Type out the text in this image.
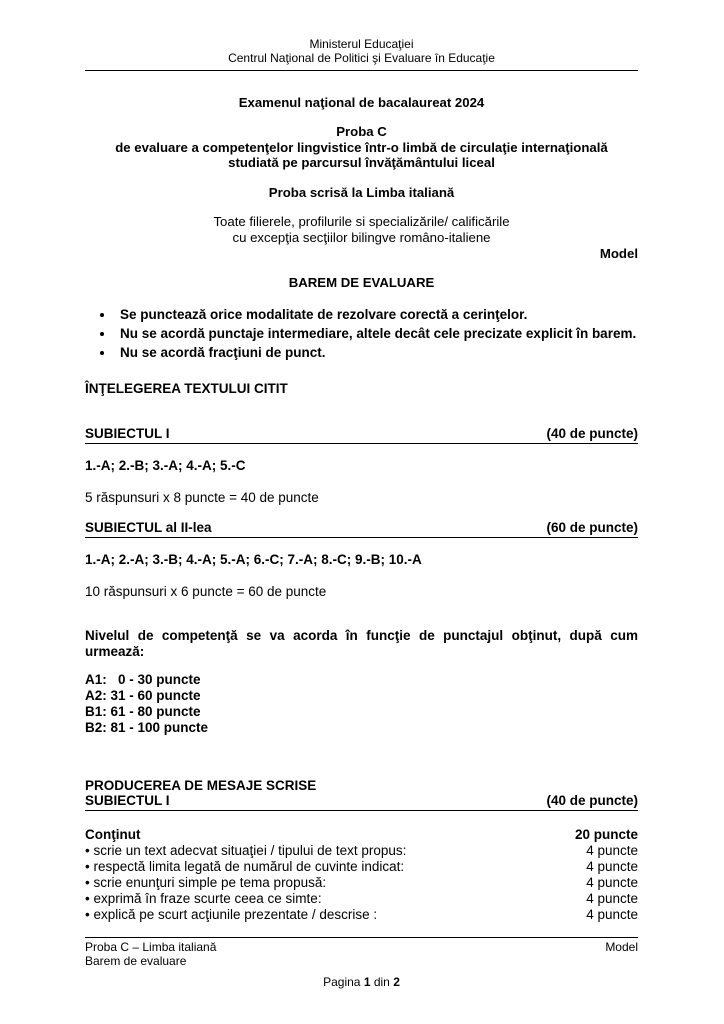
Ministerul Educaţiei
Centrul Naţional de Politici şi Evaluare în Educaţie
Examenul naţional de bacalaureat 2024
Proba C
de evaluare a competenţelor lingvistice într-o limbă de circulaţie internaţională
studiată pe parcursul învăţământului liceal
Proba scrisă la Limba italiană
Toate filierele, profilurile si specializările/ calificările
cu excepţia secţiilor bilingve româno-italiene
Model
BAREM DE EVALUARE
• Se punctează orice modalitate de rezolvare corectă a cerinţelor.
• Nu se acordă punctaje intermediare, altele decât cele precizate explicit în barem.
• Nu se acordă fracţiuni de punct.
ÎNŢELEGEREA TEXTULUI CITIT
SUBIECTUL I	(40 de puncte)
1.-A; 2.-B; 3.-A; 4.-A; 5.-C
5 răspunsuri x 8 puncte = 40 de puncte
SUBIECTUL al II-lea	(60 de puncte)
1.-A; 2.-A; 3.-B; 4.-A; 5.-A; 6.-C; 7.-A; 8.-C; 9.-B; 10.-A
10 răspunsuri x 6 puncte = 60 de puncte

Nivelul de competenţă se va acorda în funcţie de punctajul obţinut, după cum urmează:

A1:   0 - 30 puncte
A2: 31 - 60 puncte
B1: 61 - 80 puncte
B2: 81 - 100 puncte
PRODUCEREA DE MESAJE SCRISE
SUBIECTUL I	(40 de puncte)
Conţinut	20 puncte
• scrie un text adecvat situaţiei / tipului de text propus:	4 puncte
• respectă limita legată de numărul de cuvinte indicat:	4 puncte
• scrie enunţuri simple pe tema propusă:	4 puncte
• exprimă în fraze scurte ceea ce simte:	4 puncte
• explică pe scurt acţiunile prezentate / descrise :	4 puncte
Proba C – Limba italiană	Model
Barem de evaluare
Pagina 1 din 2
